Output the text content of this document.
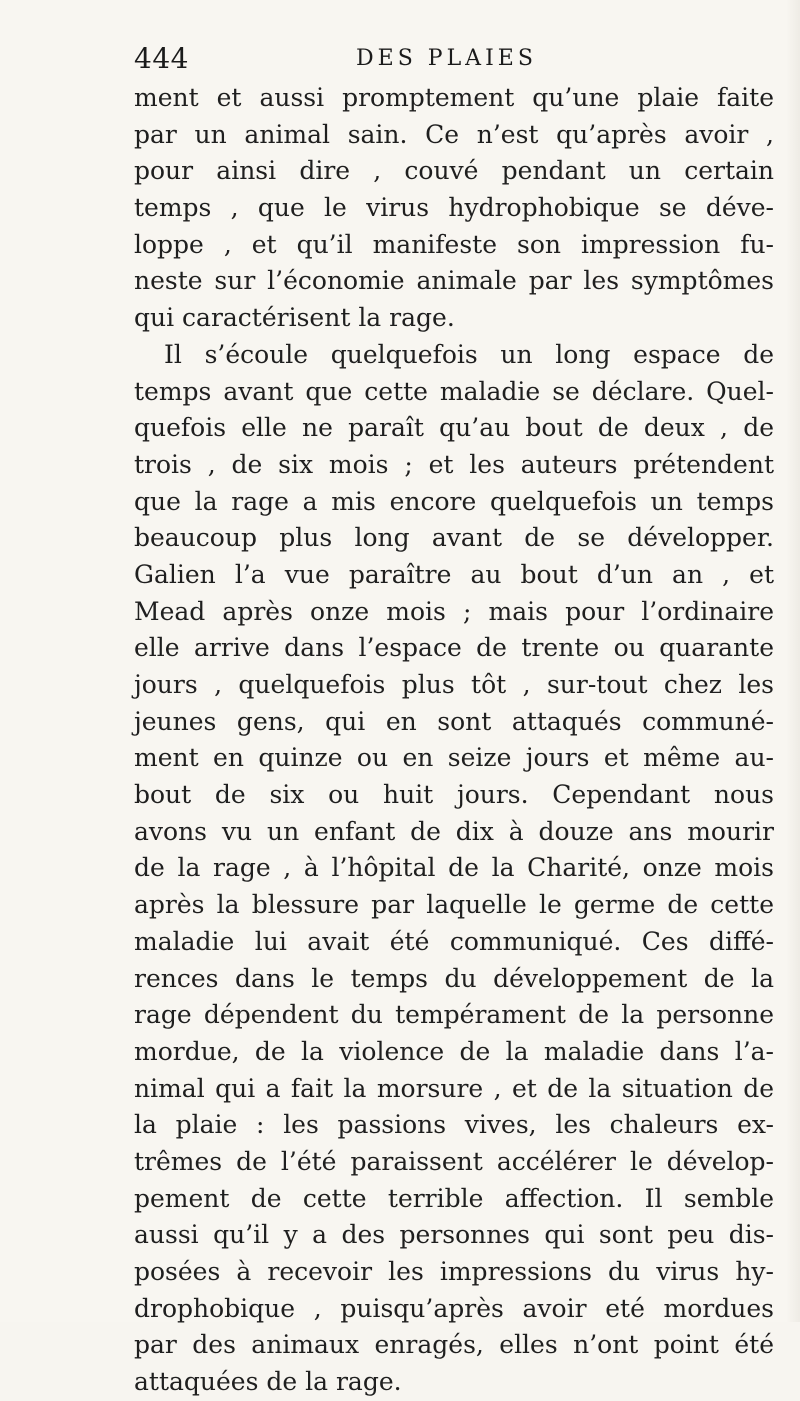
444	DES PLAIES
ment et aussi promptement qu’une plaie faite
par un animal sain. Ce n’est qu’après avoir ,
pour ainsi dire , couvé pendant un certain
temps , que le virus hydrophobique se déve-
loppe , et qu’il manifeste son impression fu-
neste sur l’économie animale par les symptômes
qui caractérisent la rage.
Il s’écoule quelquefois un long espace de
temps avant que cette maladie se déclare. Quel-
quefois elle ne paraît qu’au bout de deux , de
trois , de six mois ; et les auteurs prétendent
que la rage a mis encore quelquefois un temps
beaucoup plus long avant de se développer.
Galien l’a vue paraître au bout d’un an , et
Mead après onze mois ; mais pour l’ordinaire
elle arrive dans l’espace de trente ou quarante
jours , quelquefois plus tôt , sur-tout chez les
jeunes gens, qui en sont attaqués communé-
ment en quinze ou en seize jours et même au-
bout de six ou huit jours. Cependant nous
avons vu un enfant de dix à douze ans mourir
de la rage , à l’hôpital de la Charité, onze mois
après la blessure par laquelle le germe de cette
maladie lui avait été communiqué. Ces diffé-
rences dans le temps du développement de la
rage dépendent du tempérament de la personne
mordue, de la violence de la maladie dans l’a-
nimal qui a fait la morsure , et de la situation de
la plaie : les passions vives, les chaleurs ex-
trêmes de l’été paraissent accélérer le dévelop-
pement de cette terrible affection. Il semble
aussi qu’il y a des personnes qui sont peu dis-
posées à recevoir les impressions du virus hy-
drophobique , puisqu’après avoir eté mordues
par des animaux enragés, elles n’ont point été
attaquées de la rage.
